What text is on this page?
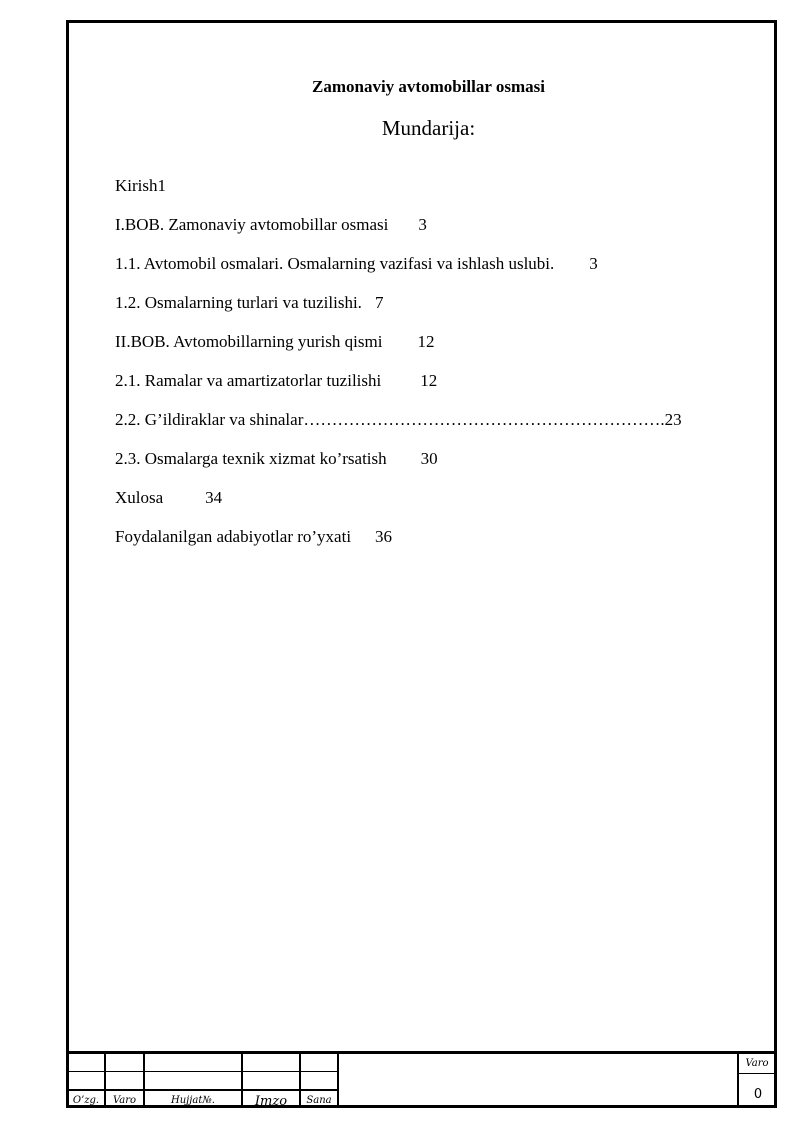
Zamonaviy avtomobillar osmasi
Mundarija:
Kirish1
I.BOB. Zamonaviy avtomobillar osmasi 3
1.1. Avtomobil osmalari. Osmalarning vazifasi va ishlash uslubi. 3
1.2. Osmalarning turlari va tuzilishi. 7
II.BOB. Avtomobillarning yurish qismi 12
2.1. Ramalar va amartizatorlar tuzilishi 12
2.2. G’ildiraklar va shinalar……………………………………………………….23
2.3. Osmalarga texnik xizmat ko’rsatish 30
Xulosa 34
Foydalanilgan adabiyotlar ro’yxati 36
O’zg.	Varo	Hujjat№.	Imzo	Sana
Varo
0
